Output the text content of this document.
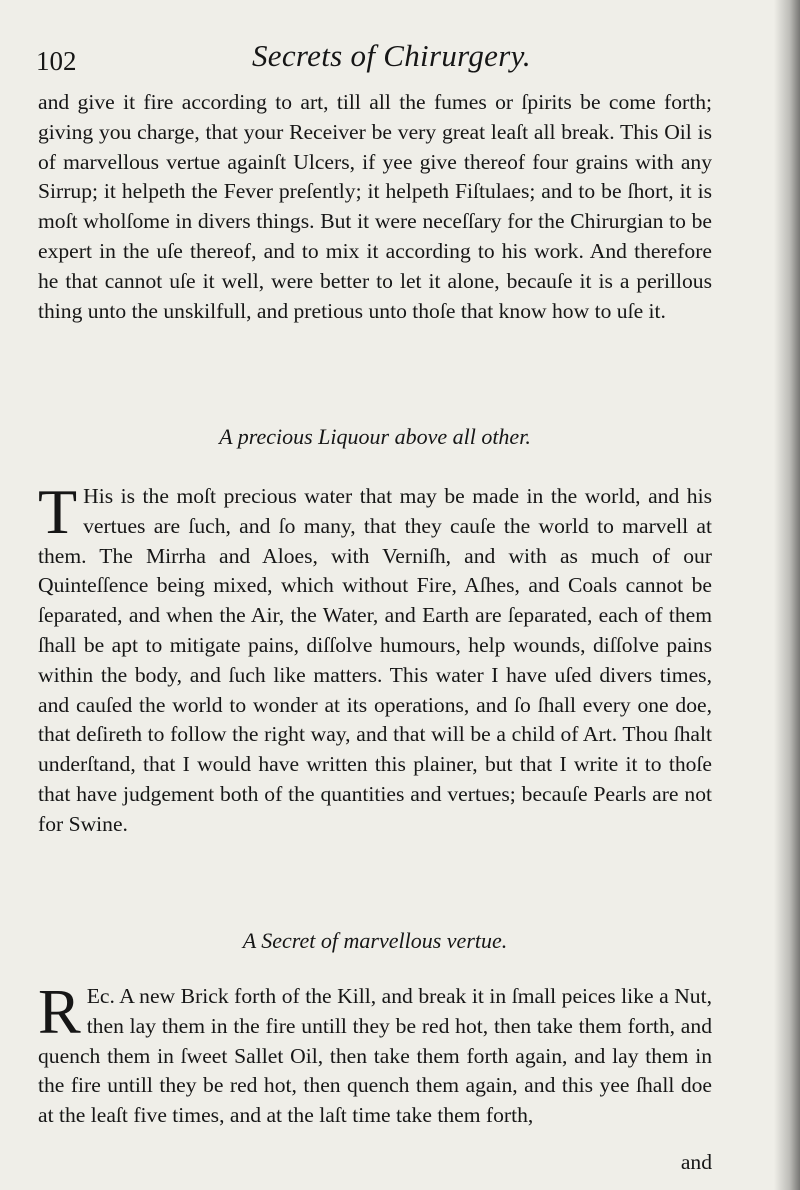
102	Secrets of Chirurgery.
and give it fire according to art, till all the fumes or ſpirits be come forth; giving you charge, that your Receiver be very great leaſt all break. This Oil is of marvellous vertue againſt Ulcers, if yee give thereof four grains with any Sirrup; it helpeth the Fever preſently; it helpeth Fiſtulaes; and to be ſhort, it is moſt wholſome in divers things. But it were neceſſary for the Chirurgian to be expert in the uſe thereof, and to mix it according to his work. And therefore he that cannot uſe it well, were better to let it alone, becauſe it is a perillous thing unto the unskilfull, and pretious unto thoſe that know how to uſe it.
A precious Liquour above all other.
T His is the moſt precious water that may be made in the world, and his vertues are ſuch, and ſo many, that they cauſe the world to marvell at them. The Mirrha and Aloes, with Verniſh, and with as much of our Quinteſſence being mixed, which without Fire, Aſhes, and Coals cannot be ſeparated, and when the Air, the Water, and Earth are ſeparated, each of them ſhall be apt to mitigate pains, diſſolve humours, help wounds, diſſolve pains within the body, and ſuch like matters. This water I have uſed divers times, and cauſed the world to wonder at its operations, and ſo ſhall every one doe, that deſireth to follow the right way, and that will be a child of Art. Thou ſhalt underſtand, that I would have written this plainer, but that I write it to thoſe that have judgement both of the quantities and vertues; becauſe Pearls are not for Swine.
A Secret of marvellous vertue.
R Ec. A new Brick forth of the Kill, and break it in ſmall peices like a Nut, then lay them in the fire untill they be red hot, then take them forth, and quench them in ſweet Sallet Oil, then take them forth again, and lay them in the fire untill they be red hot, then quench them again, and this yee ſhall doe at the leaſt five times, and at the laſt time take them forth,
and
